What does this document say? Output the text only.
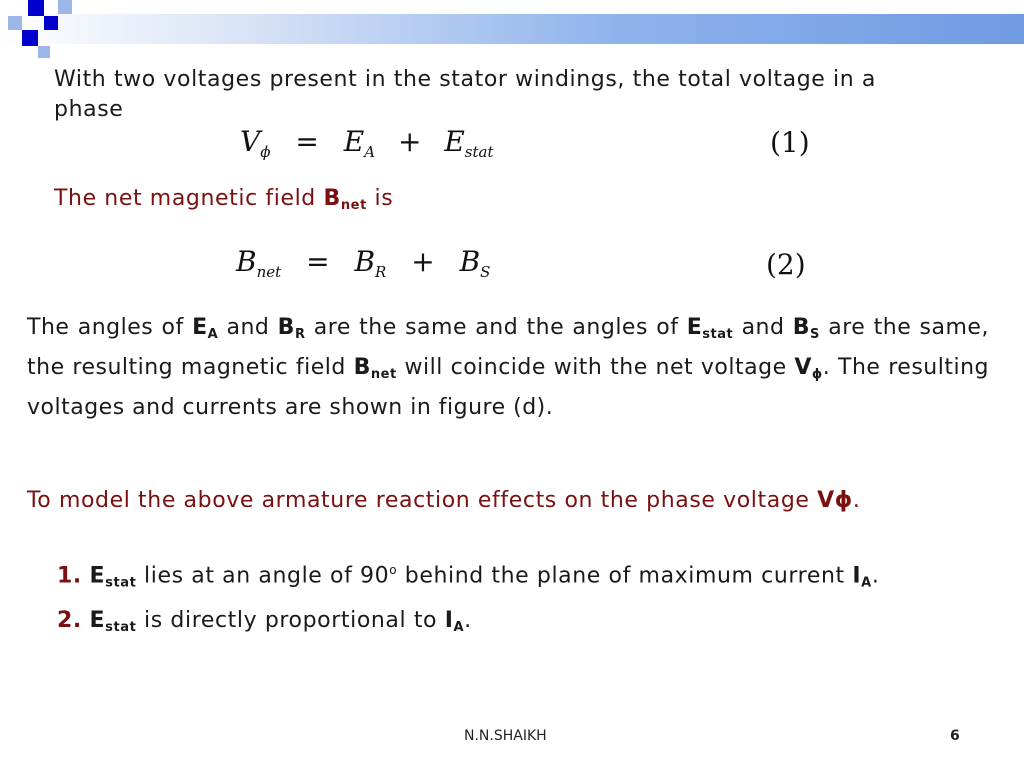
With two voltages present in the stator windings, the total voltage in a
phase
$V_\phi = E_A + E_{stat}$	(1)
The net magnetic field $B_{net}$ is
$B_{net} = B_R + B_S$	(2)
The angles of $E_A$ and $B_R$ are the same and the angles of $E_{stat}$ and $B_S$ are the same, the resulting magnetic field $B_{net}$ will coincide with the net voltage $V_\phi$. The resulting voltages and currents are shown in figure (d).
To model the above armature reaction effects on the phase voltage Vϕ.
1. $E_{stat}$ lies at an angle of 90$^o$ behind the plane of maximum current $I_A$.
2. $E_{stat}$ is directly proportional to $I_A$.
N.N.SHAIKH	6
